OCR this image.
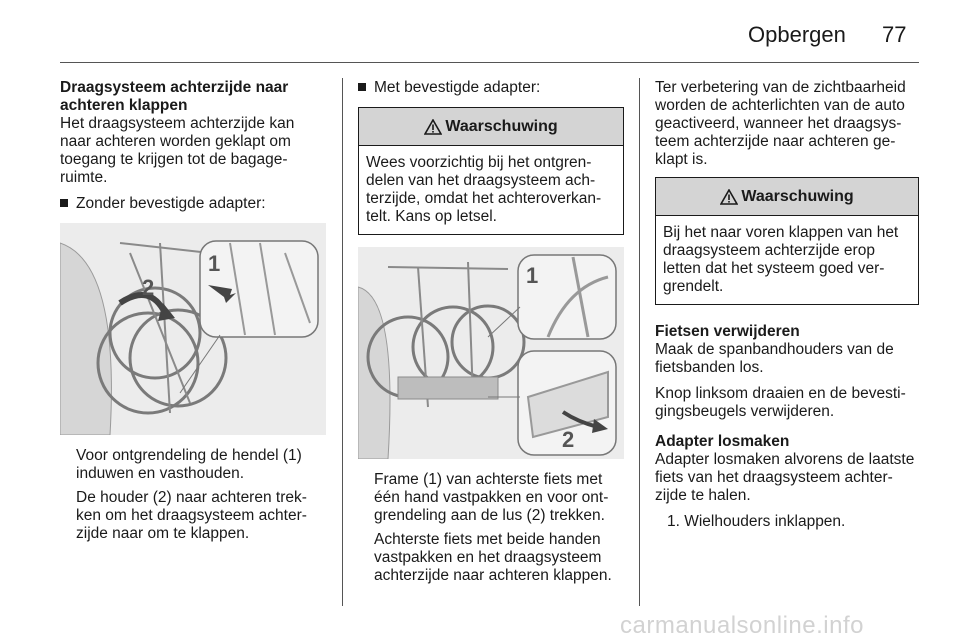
Opbergen 77
Draagsysteem achterzijde naar achteren klappen

Het draagsysteem achterzijde kan naar achteren worden geklapt om toegang te krijgen tot de bagage-ruimte.

Zonder bevestigde adapter:
2
1

Voor ontgrendeling de hendel (1) induwen en vasthouden.

De houder (2) naar achteren trek-ken om het draagsysteem achter-zijde naar om te klappen.

Met bevestigde adapter:
Waarschuwing
Wees voorzichtig bij het ontgren-delen van het draagsysteem ach-terzijde, omdat het achteroverkan-telt. Kans op letsel.
1
2

Frame (1) van achterste fiets met één hand vastpakken en voor ont-grendeling aan de lus (2) trekken.

Achterste fiets met beide handen vastpakken en het draagsysteem achterzijde naar achteren klappen.

Ter verbetering van de zichtbaarheid worden de achterlichten van de auto geactiveerd, wanneer het draagsys-teem achterzijde naar achteren ge-klapt is.

Waarschuwing
Bij het naar voren klappen van het draagsysteem achterzijde erop letten dat het systeem goed ver-grendelt.
Fietsen verwijderen

Maak de spanbandhouders van de fietsbanden los.

Knop linksom draaien en de bevesti-gingsbeugels verwijderen.

Adapter losmaken

Adapter losmaken alvorens de laatste fiets van het draagsysteem achter-zijde te halen.

1. Wielhouders inklappen.

carmanualsonline.info
